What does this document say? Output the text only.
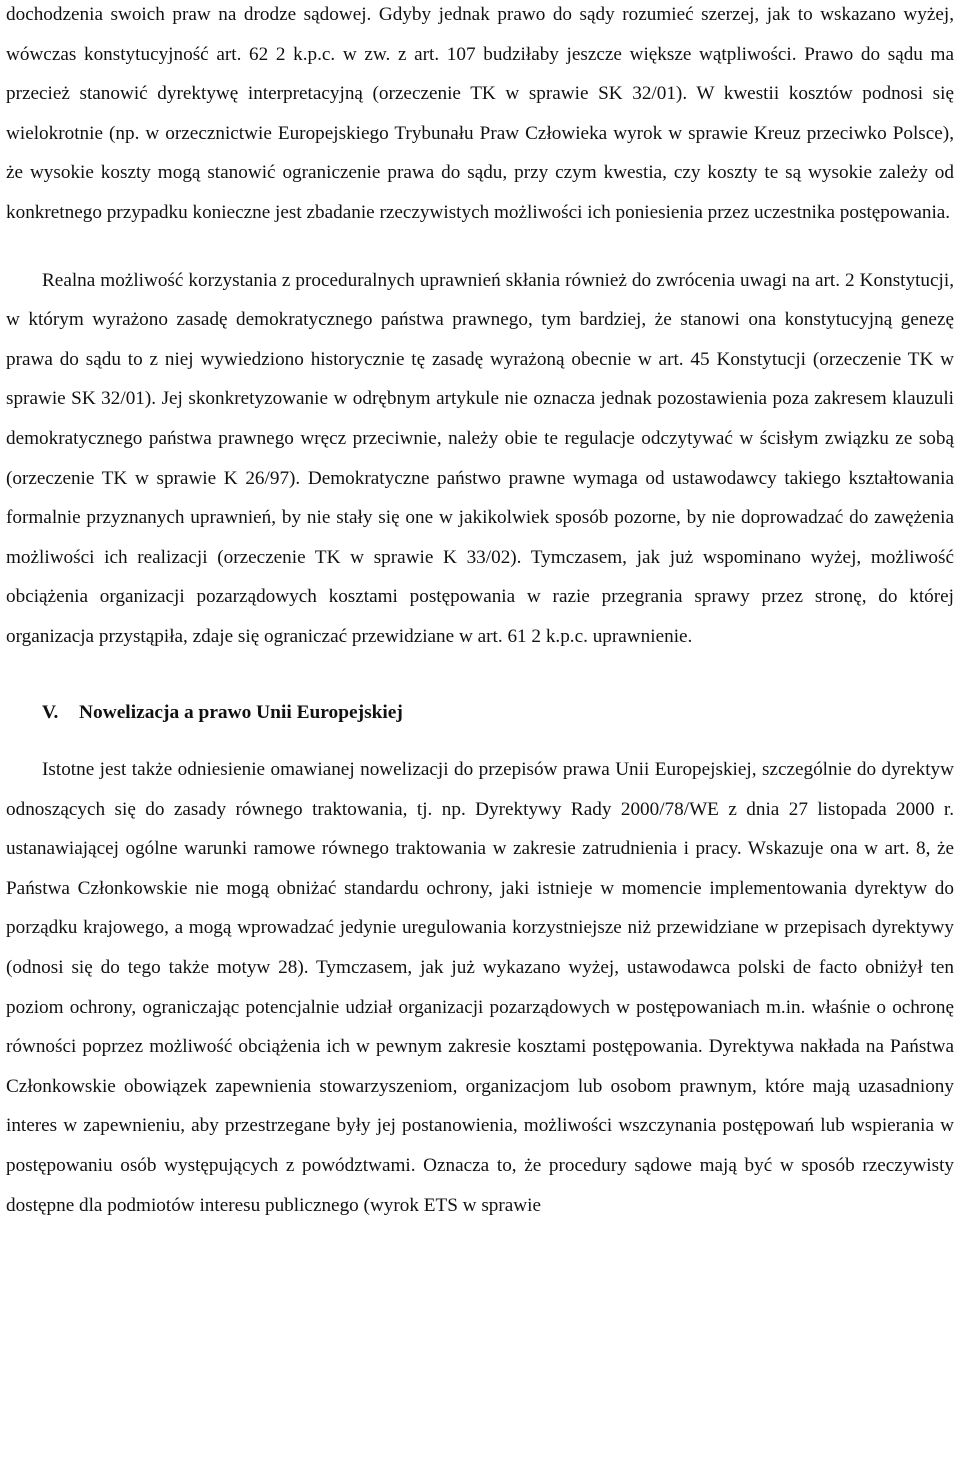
dochodzenia swoich praw na drodze sądowej. Gdyby jednak prawo do sądy rozumieć szerzej, jak to wskazano wyżej, wówczas konstytucyjność art. 62 2 k.p.c. w zw. z art. 107 budziłaby jeszcze większe wątpliwości. Prawo do sądu ma przecież stanowić dyrektywę interpretacyjną (orzeczenie TK w sprawie SK 32/01). W kwestii kosztów podnosi się wielokrotnie (np. w orzecznictwie Europejskiego Trybunału Praw Człowieka wyrok w sprawie Kreuz przeciwko Polsce), że wysokie koszty mogą stanowić ograniczenie prawa do sądu, przy czym kwestia, czy koszty te są wysokie zależy od konkretnego przypadku konieczne jest zbadanie rzeczywistych możliwości ich poniesienia przez uczestnika postępowania.

Realna możliwość korzystania z proceduralnych uprawnień skłania również do zwrócenia uwagi na art. 2 Konstytucji, w którym wyrażono zasadę demokratycznego państwa prawnego, tym bardziej, że stanowi ona konstytucyjną genezę prawa do sądu to z niej wywiedziono historycznie tę zasadę wyrażoną obecnie w art. 45 Konstytucji (orzeczenie TK w sprawie SK 32/01). Jej skonkretyzowanie w odrębnym artykule nie oznacza jednak pozostawienia poza zakresem klauzuli demokratycznego państwa prawnego wręcz przeciwnie, należy obie te regulacje odczytywać w ścisłym związku ze sobą (orzeczenie TK w sprawie K 26/97). Demokratyczne państwo prawne wymaga od ustawodawcy takiego kształtowania formalnie przyznanych uprawnień, by nie stały się one w jakikolwiek sposób pozorne, by nie doprowadzać do zawężenia możliwości ich realizacji (orzeczenie TK w sprawie K 33/02). Tymczasem, jak już wspominano wyżej, możliwość obciążenia organizacji pozarządowych kosztami postępowania w razie przegrania sprawy przez stronę, do której organizacja przystąpiła, zdaje się ograniczać przewidziane w art. 61 2 k.p.c. uprawnienie.

V. Nowelizacja a prawo Unii Europejskiej

Istotne jest także odniesienie omawianej nowelizacji do przepisów prawa Unii Europejskiej, szczególnie do dyrektyw odnoszących się do zasady równego traktowania, tj. np. Dyrektywy Rady 2000/78/WE z dnia 27 listopada 2000 r. ustanawiającej ogólne warunki ramowe równego traktowania w zakresie zatrudnienia i pracy. Wskazuje ona w art. 8, że Państwa Członkowskie nie mogą obniżać standardu ochrony, jaki istnieje w momencie implementowania dyrektyw do porządku krajowego, a mogą wprowadzać jedynie uregulowania korzystniejsze niż przewidziane w przepisach dyrektywy (odnosi się do tego także motyw 28). Tymczasem, jak już wykazano wyżej, ustawodawca polski de facto obniżył ten poziom ochrony, ograniczając potencjalnie udział organizacji pozarządowych w postępowaniach m.in. właśnie o ochronę równości poprzez możliwość obciążenia ich w pewnym zakresie kosztami postępowania. Dyrektywa nakłada na Państwa Członkowskie obowiązek zapewnienia stowarzyszeniom, organizacjom lub osobom prawnym, które mają uzasadniony interes w zapewnieniu, aby przestrzegane były jej postanowienia, możliwości wszczynania postępowań lub wspierania w postępowaniu osób występujących z powództwami. Oznacza to, że procedury sądowe mają być w sposób rzeczywisty dostępne dla podmiotów interesu publicznego (wyrok ETS w sprawie
